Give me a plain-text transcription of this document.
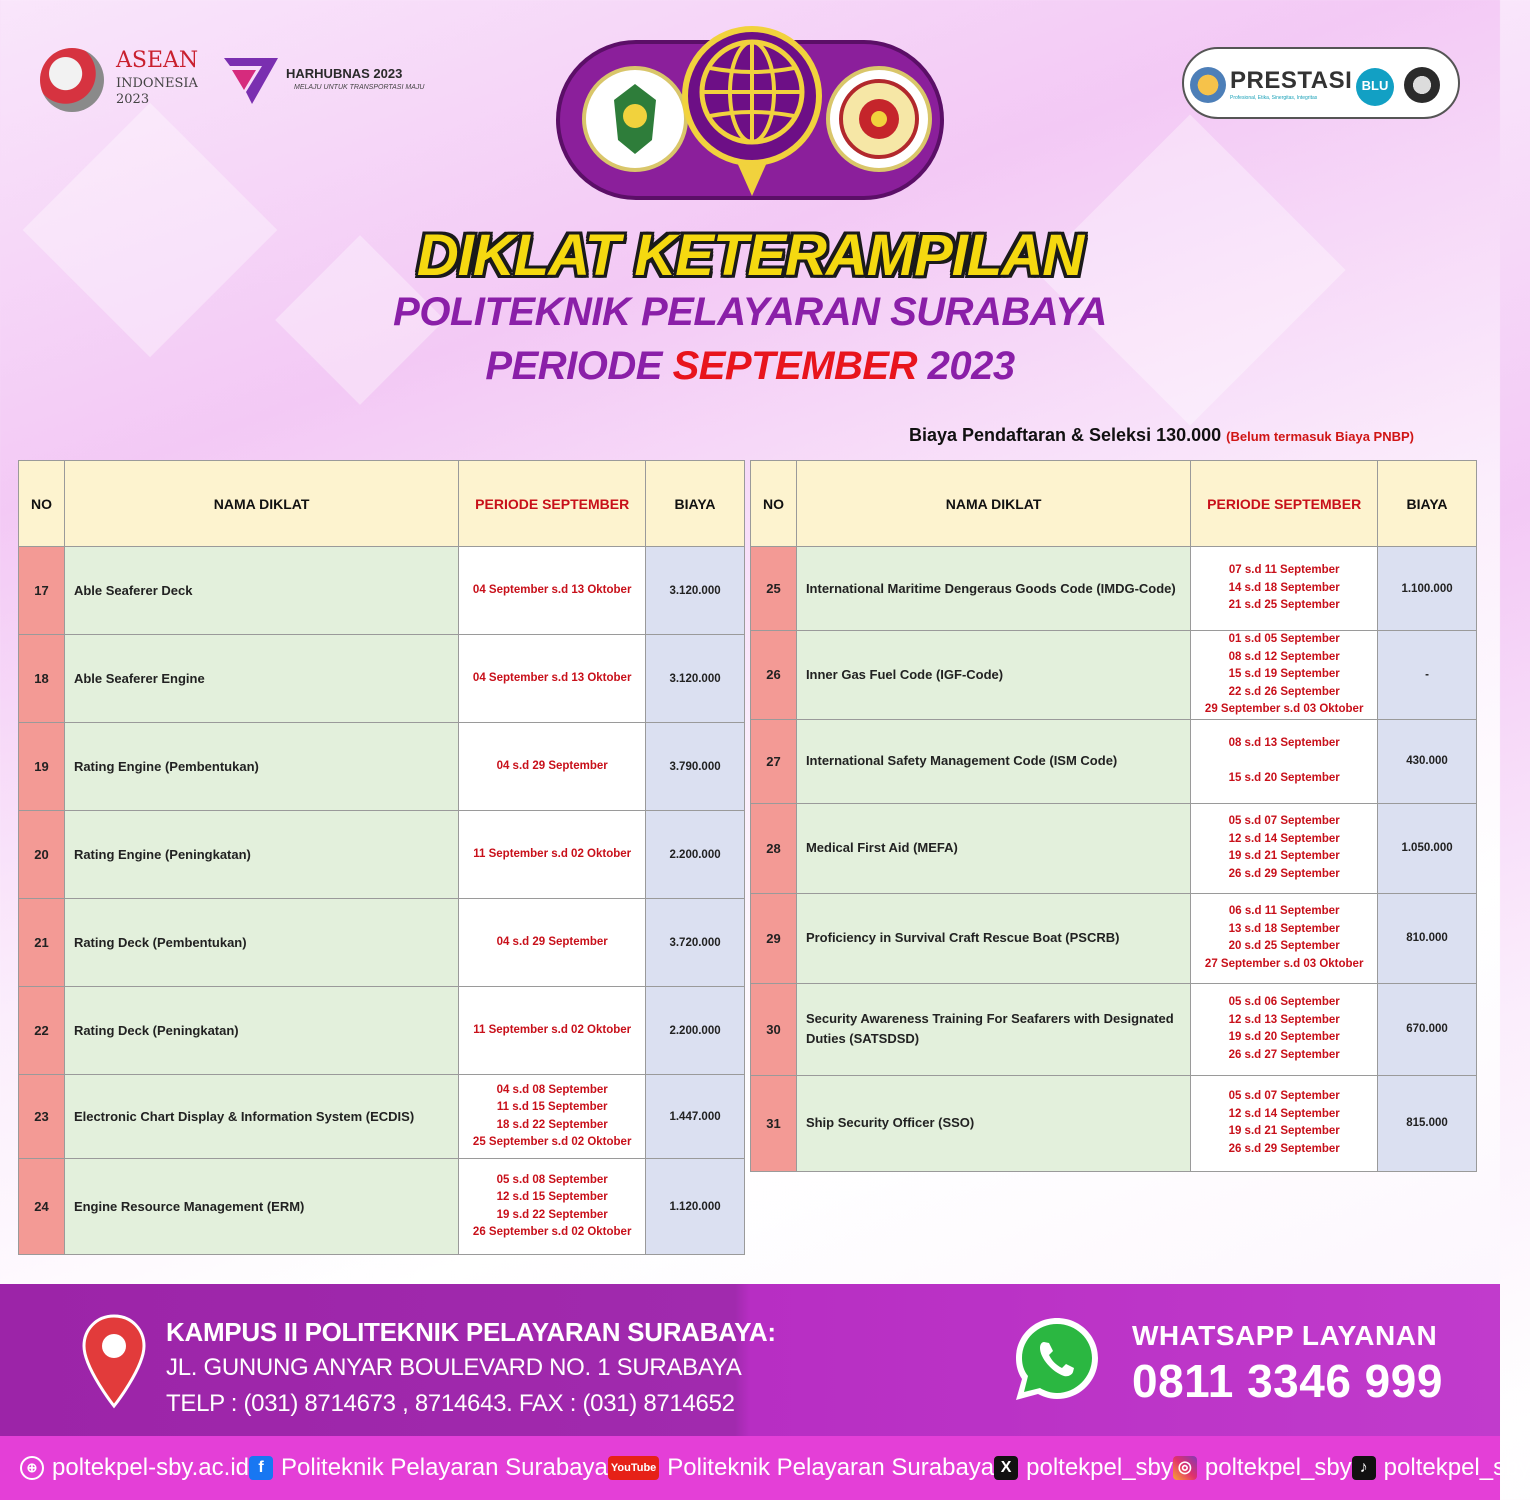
ASEAN
INDONESIA
2023
HARHUBNAS 2023
MELAJU UNTUK TRANSPORTASI MAJU	PRESTASI
Profesional, Etika, Sinergitas, Integritas
BLU
DIKLAT KETERAMPILAN
POLITEKNIK PELAYARAN SURABAYA
PERIODE SEPTEMBER 2023
Biaya Pendaftaran & Seleksi 130.000 (Belum termasuk Biaya PNBP)
NO	NAMA DIKLAT	PERIODE SEPTEMBER	BIAYA
17	Able Seaferer Deck	04 September s.d 13 Oktober	3.120.000
18	Able Seaferer Engine	04 September s.d 13 Oktober	3.120.000
19	Rating Engine (Pembentukan)	04 s.d 29 September	3.790.000
20	Rating Engine (Peningkatan)	11 September s.d 02 Oktober	2.200.000
21	Rating Deck (Pembentukan)	04 s.d 29 September	3.720.000
22	Rating Deck (Peningkatan)	11 September s.d 02 Oktober	2.200.000
23	Electronic Chart Display & Information System (ECDIS)	04 s.d 08 September
11 s.d 15 September
18 s.d 22 September
25 September s.d 02 Oktober	1.447.000
24	Engine Resource Management (ERM)	05 s.d 08 September
12 s.d 15 September
19 s.d 22 September
26 September s.d 02 Oktober	1.120.000
NO	NAMA DIKLAT	PERIODE SEPTEMBER	BIAYA
25	International Maritime Dengeraus Goods Code (IMDG-Code)	07 s.d 11 September
14 s.d 18 September
21 s.d 25 September	1.100.000
26	Inner Gas Fuel Code (IGF-Code)	01 s.d 05 September
08 s.d 12 September
15 s.d 19 September
22 s.d 26 September
29 September s.d 03 Oktober	-
27	International Safety Management Code (ISM Code)	08 s.d 13 September
15 s.d 20 September	430.000
28	Medical First Aid (MEFA)	05 s.d 07 September
12 s.d 14 September
19 s.d 21 September
26 s.d 29 September	1.050.000
29	Proficiency in Survival Craft Rescue Boat (PSCRB)	06 s.d 11 September
13 s.d 18 September
20 s.d 25 September
27 September s.d 03 Oktober	810.000
30	Security Awareness Training For Seafarers with Designated Duties (SATSDSD)	05 s.d 06 September
12 s.d 13 September
19 s.d 20 September
26 s.d 27 September	670.000
31	Ship Security Officer (SSO)	05 s.d 07 September
12 s.d 14 September
19 s.d 21 September
26 s.d 29 September	815.000
KAMPUS II POLITEKNIK PELAYARAN SURABAYA:
JL. GUNUNG ANYAR BOULEVARD NO. 1 SURABAYA
TELP : (031) 8714673 , 8714643. FAX : (031) 8714652
WHATSAPP LAYANAN
0811 3346 999
⊕ poltekpel-sby.ac.id f Politeknik Pelayaran Surabaya YouTube Politeknik Pelayaran Surabaya X poltekpel_sby ◎ poltekpel_sby ♪ poltekpel_sby
